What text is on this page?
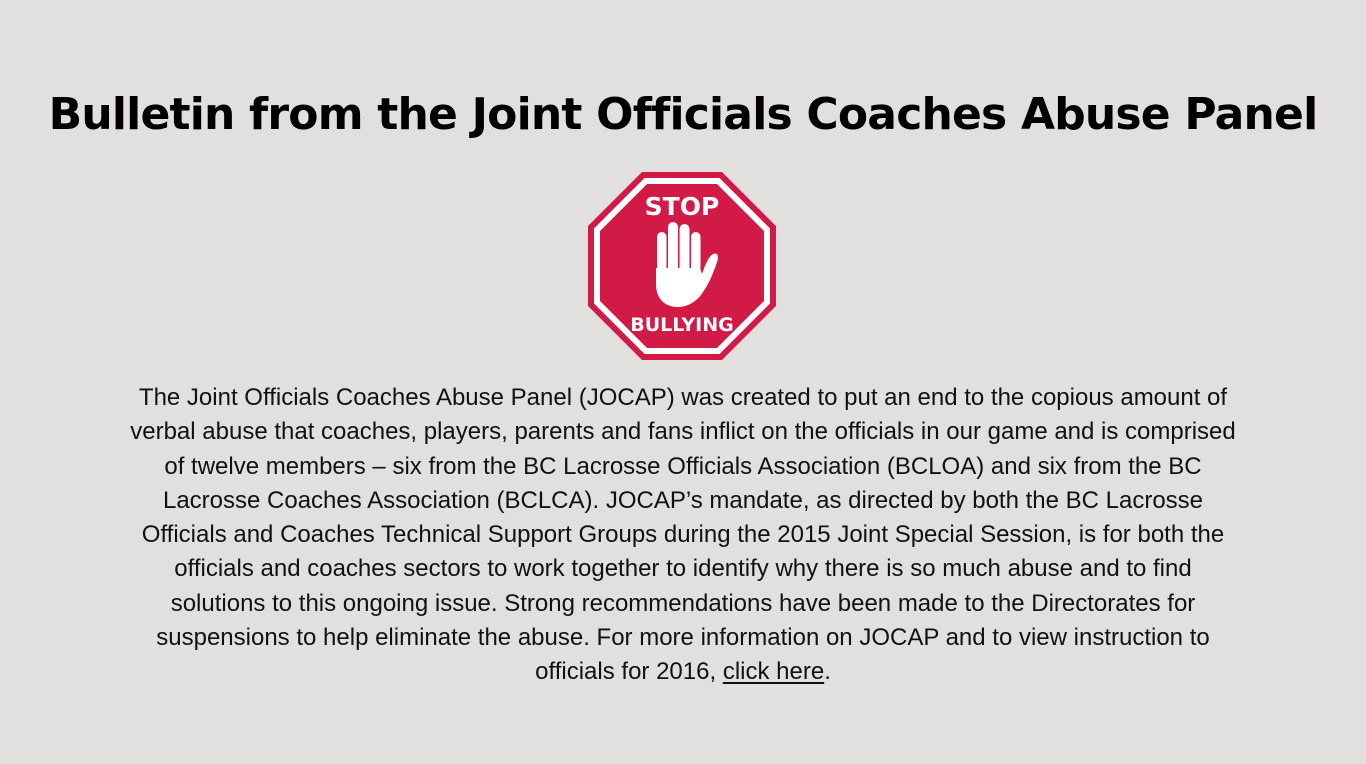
Bulletin from the Joint Officials Coaches Abuse Panel
STOP
BULLYING

The Joint Officials Coaches Abuse Panel (JOCAP) was created to put an end to the copious amount of verbal abuse that coaches, players, parents and fans inflict on the officials in our game and is comprised of twelve members – six from the BC Lacrosse Officials Association (BCLOA) and six from the BC Lacrosse Coaches Association (BCLCA). JOCAP’s mandate, as directed by both the BC Lacrosse Officials and Coaches Technical Support Groups during the 2015 Joint Special Session, is for both the officials and coaches sectors to work together to identify why there is so much abuse and to find solutions to this ongoing issue. Strong recommendations have been made to the Directorates for suspensions to help eliminate the abuse. For more information on JOCAP and to view instruction to officials for 2016, click here.
